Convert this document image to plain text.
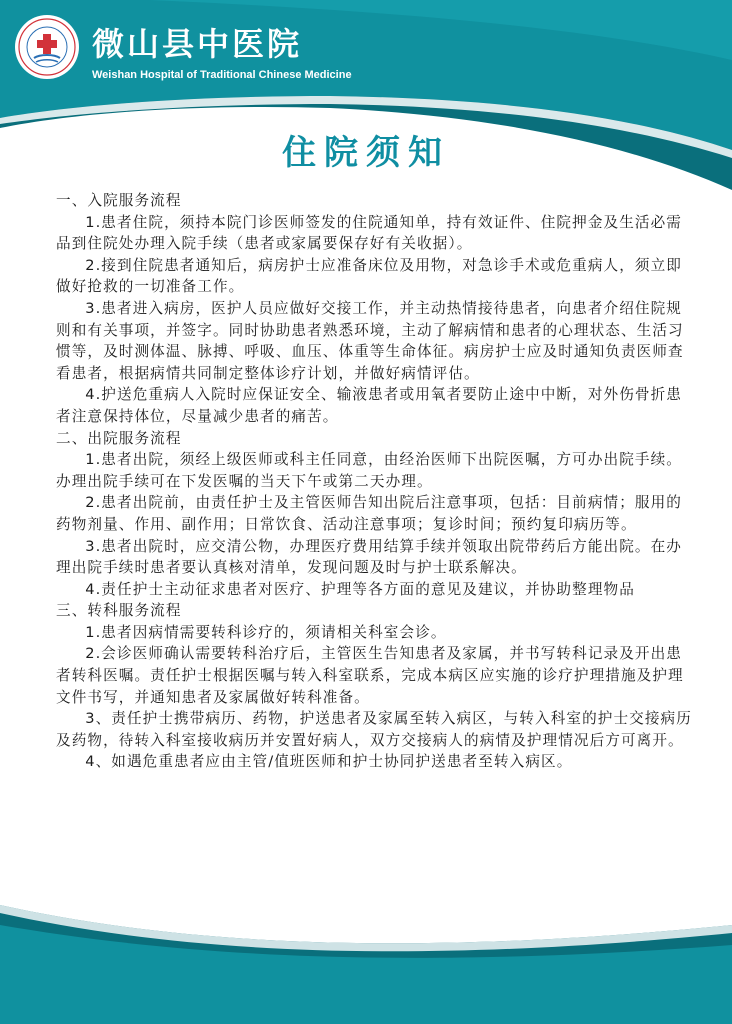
微山县中医院
Weishan Hospital of Traditional Chinese Medicine
住院须知
一、入院服务流程

1.患者住院，须持本院门诊医师签发的住院通知单，持有效证件、住院押金及生活必需品到住院处办理入院手续（患者或家属要保存好有关收据）。

2.接到住院患者通知后，病房护士应准备床位及用物，对急诊手术或危重病人，须立即做好抢救的一切准备工作。

3.患者进入病房，医护人员应做好交接工作，并主动热情接待患者，向患者介绍住院规则和有关事项，并签字。同时协助患者熟悉环境，主动了解病情和患者的心理状态、生活习惯等，及时测体温、脉搏、呼吸、血压、体重等生命体征。病房护士应及时通知负责医师查看患者，根据病情共同制定整体诊疗计划，并做好病情评估。

4.护送危重病人入院时应保证安全、输液患者或用氧者要防止途中中断，对外伤骨折患者注意保持体位，尽量减少患者的痛苦。

二、出院服务流程

1.患者出院，须经上级医师或科主任同意，由经治医师下出院医嘱，方可办出院手续。办理出院手续可在下发医嘱的当天下午或第二天办理。

2.患者出院前，由责任护士及主管医师告知出院后注意事项，包括：目前病情；服用的药物剂量、作用、副作用；日常饮食、活动注意事项；复诊时间；预约复印病历等。

3.患者出院时，应交清公物，办理医疗费用结算手续并领取出院带药后方能出院。在办理出院手续时患者要认真核对清单，发现问题及时与护士联系解决。

4.责任护士主动征求患者对医疗、护理等各方面的意见及建议，并协助整理物品

三、转科服务流程

1.患者因病情需要转科诊疗的，须请相关科室会诊。

2.会诊医师确认需要转科治疗后，主管医生告知患者及家属，并书写转科记录及开出患者转科医嘱。责任护士根据医嘱与转入科室联系，完成本病区应实施的诊疗护理措施及护理文件书写，并通知患者及家属做好转科准备。

3、责任护士携带病历、药物，护送患者及家属至转入病区，与转入科室的护士交接病历及药物，待转入科室接收病历并安置好病人，双方交接病人的病情及护理情况后方可离开。

4、如遇危重患者应由主管/值班医师和护士协同护送患者至转入病区。
